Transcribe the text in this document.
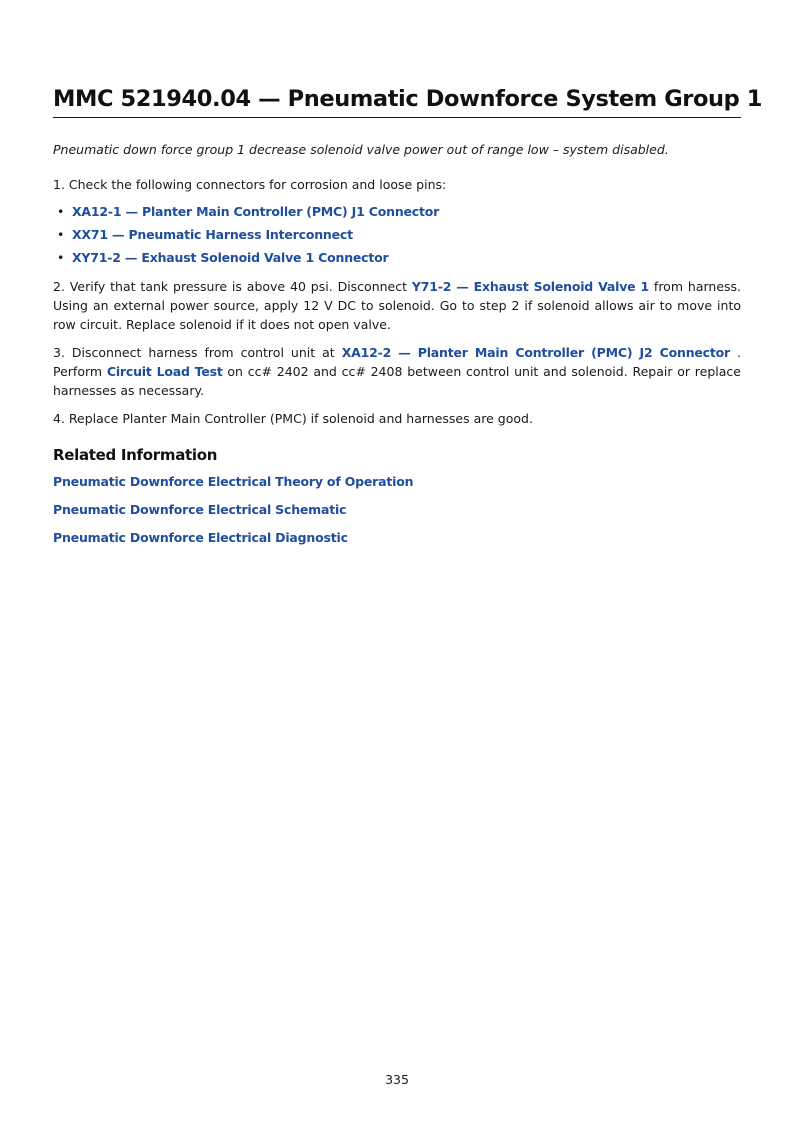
MMC 521940.04 — Pneumatic Downforce System Group 1

Pneumatic down force group 1 decrease solenoid valve power out of range low – system disabled.

1. Check the following connectors for corrosion and loose pins:

• XA12-1 — Planter Main Controller (PMC) J1 Connector
• XX71 — Pneumatic Harness Interconnect
• XY71-2 — Exhaust Solenoid Valve 1 Connector

2. Verify that tank pressure is above 40 psi. Disconnect Y71-2 — Exhaust Solenoid Valve 1 from harness. Using an external power source, apply 12 V DC to solenoid. Go to step 2 if solenoid allows air to move into row circuit. Replace solenoid if it does not open valve.

3. Disconnect harness from control unit at XA12-2 — Planter Main Controller (PMC) J2 Connector . Perform Circuit Load Test on cc# 2402 and cc# 2408 between control unit and solenoid. Repair or replace harnesses as necessary.

4. Replace Planter Main Controller (PMC) if solenoid and harnesses are good.

Related Information

Pneumatic Downforce Electrical Theory of Operation

Pneumatic Downforce Electrical Schematic

Pneumatic Downforce Electrical Diagnostic

335
